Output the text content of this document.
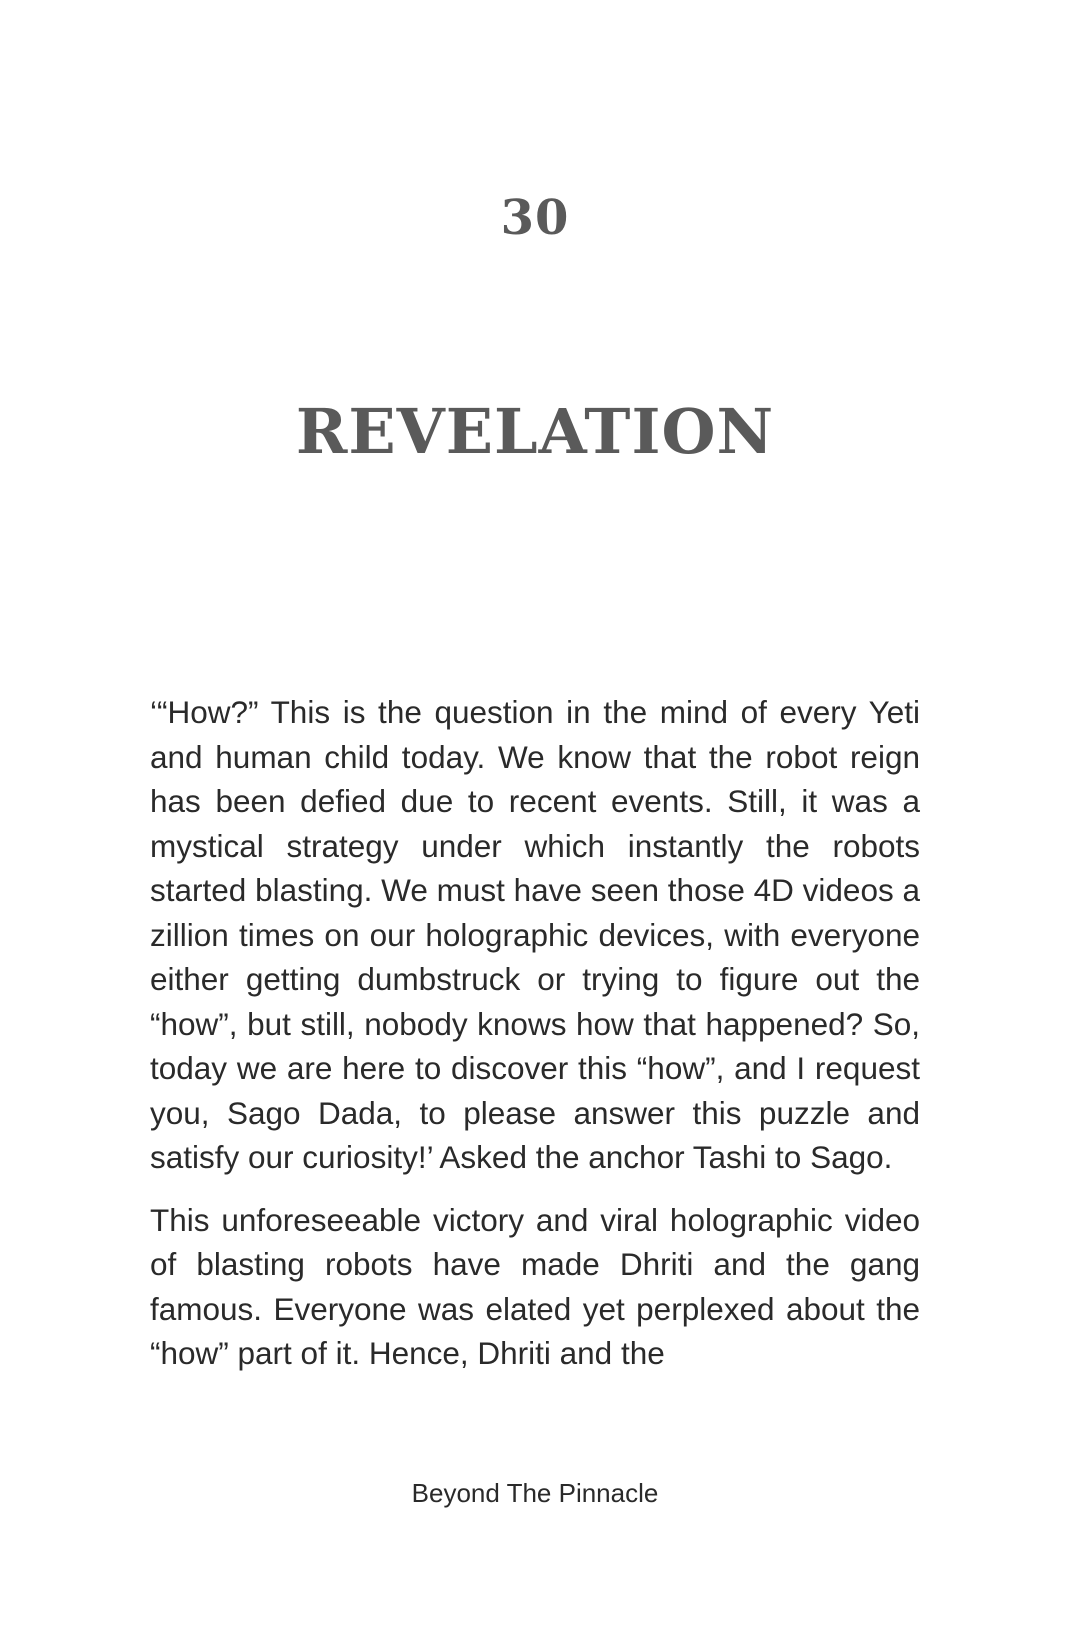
30
REVELATION

‘“How?” This is the question in the mind of every Yeti and human child today. We know that the robot reign has been defied due to recent events. Still, it was a mystical strategy under which instantly the robots started blasting. We must have seen those 4D videos a zillion times on our holographic devices, with everyone either getting dumbstruck or trying to figure out the “how”, but still, nobody knows how that happened? So, today we are here to discover this “how”, and I request you, Sago Dada, to please answer this puzzle and satisfy our curiosity!’ Asked the anchor Tashi to Sago.

This unforeseeable victory and viral holographic video of blasting robots have made Dhriti and the gang famous. Everyone was elated yet perplexed about the “how” part of it. Hence, Dhriti and the

Beyond The Pinnacle
